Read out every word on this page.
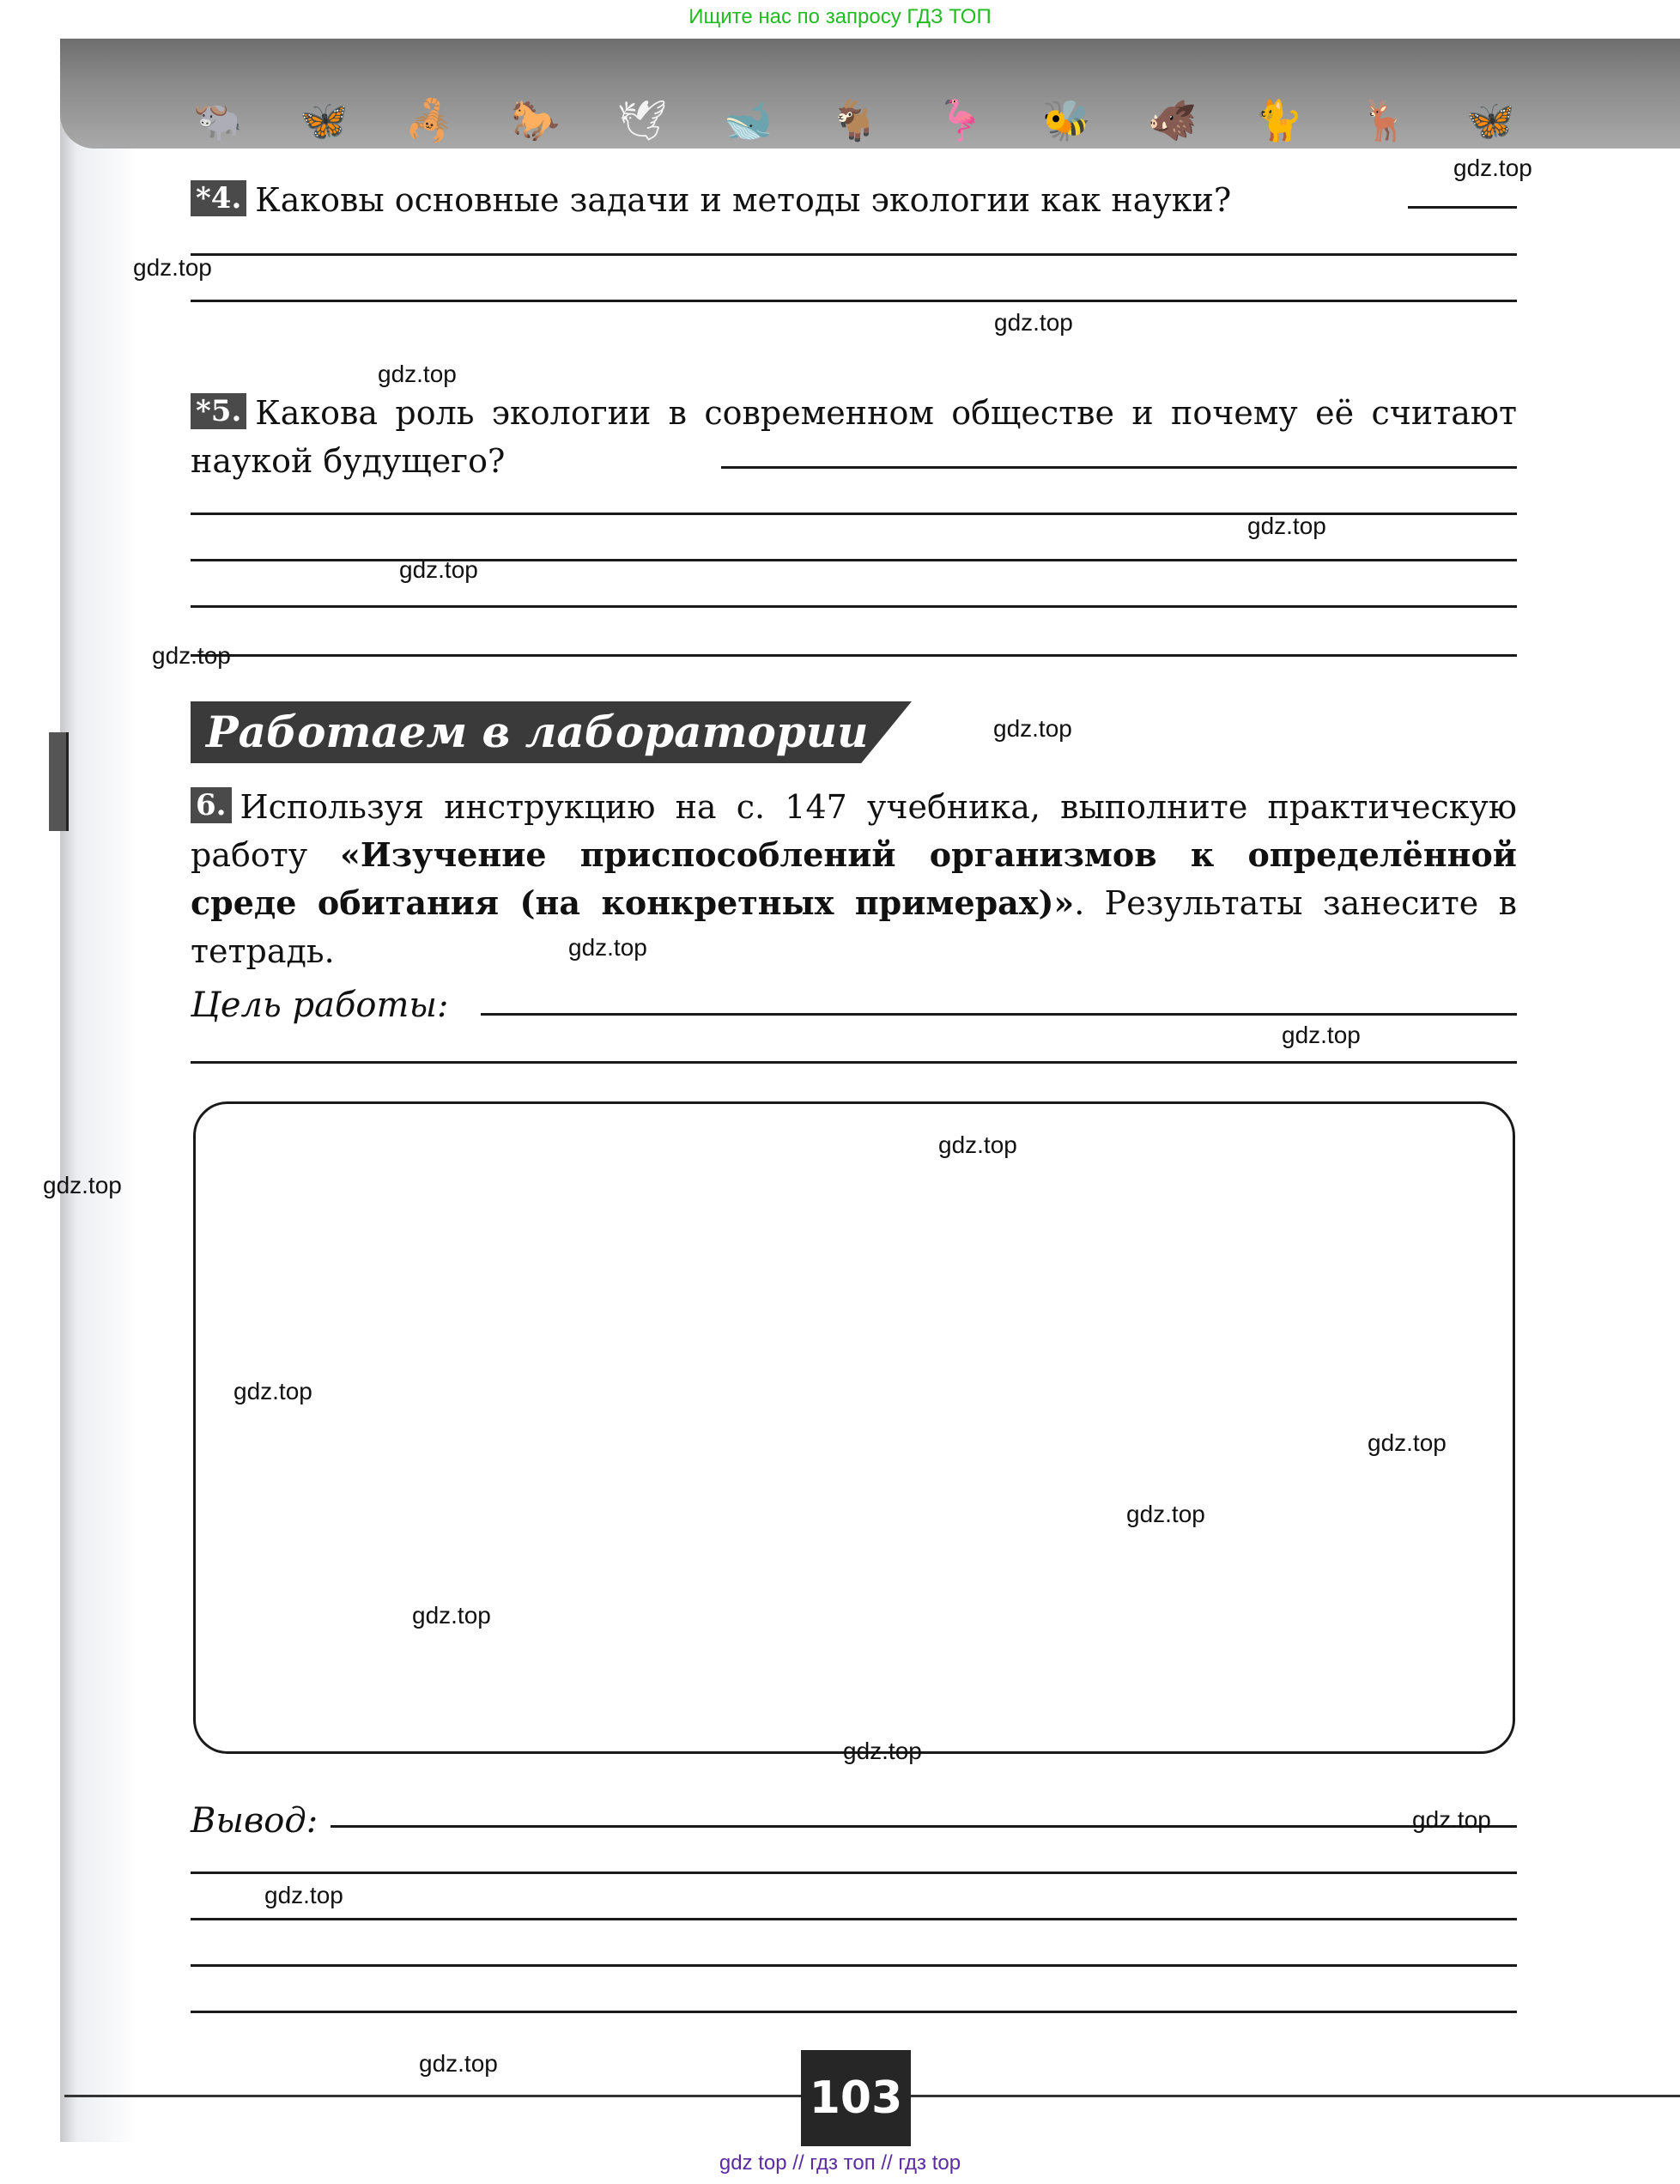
Ищите нас по запросу ГДЗ ТОП
🐃 🦋 🦂 🐎 🕊 🐋 🐐 🦩 🐝 🐗 🐈 🦌 🦋
*4. Каковы основные задачи и методы экологии как науки?
*5. Какова роль экологии в современном обществе и почему её считают наукой будущего?
Работаем в лаборатории
6. Используя инструкцию на с. 147 учебника, выполните практическую работу «Изучение приспособлений организмов к определённой среде обитания (на конкретных примерах)». Результаты занесите в тетрадь.
Цель работы:
Вывод:
103
gdz.top
gdz.top
gdz.top
gdz.top
gdz.top
gdz.top
gdz.top
gdz.top
gdz.top
gdz.top
gdz.top
gdz.top
gdz.top
gdz.top
gdz.top
gdz.top
gdz.top
gdz.top
gdz.top
gdz.top
gdz top // гдз топ // гдз top
